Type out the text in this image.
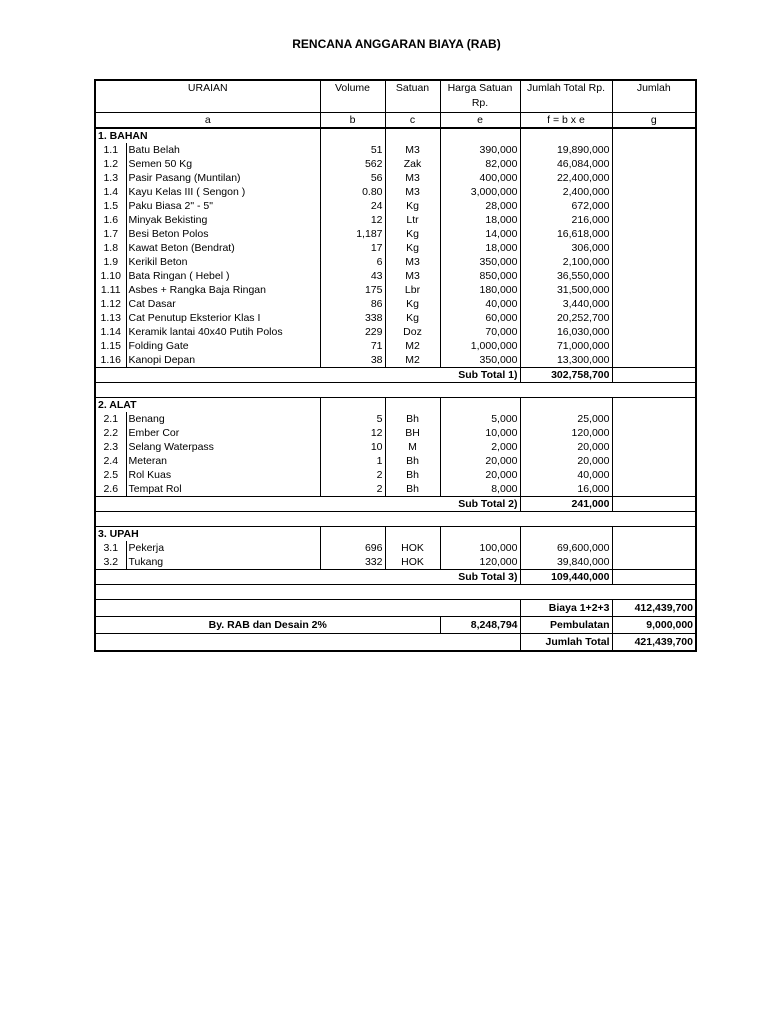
RENCANA ANGGARAN BIAYA (RAB)
URAIAN		Volume	Satuan	Harga Satuan Rp.	Jumlah Total Rp.	Jumlah
a		b	c	e	f = b x e	g
1. BAHAN						
1.1	Batu Belah	51	M3	390,000	19,890,000	
1.2	Semen 50 Kg	562	Zak	82,000	46,084,000	
1.3	Pasir Pasang (Muntilan)	56	M3	400,000	22,400,000	
1.4	Kayu Kelas III ( Sengon )	0.80	M3	3,000,000	2,400,000	
1.5	Paku Biasa 2" - 5"	24	Kg	28,000	672,000	
1.6	Minyak Bekisting	12	Ltr	18,000	216,000	
1.7	Besi Beton Polos	1,187	Kg	14,000	16,618,000	
1.8	Kawat Beton (Bendrat)	17	Kg	18,000	306,000	
1.9	Kerikil Beton	6	M3	350,000	2,100,000	
1.10	Bata Ringan ( Hebel )	43	M3	850,000	36,550,000	
1.11	Asbes + Rangka Baja Ringan	175	Lbr	180,000	31,500,000	
1.12	Cat Dasar	86	Kg	40,000	3,440,000	
1.13	Cat Penutup Eksterior Klas I	338	Kg	60,000	20,252,700	
1.14	Keramik lantai 40x40 Putih Polos	229	Doz	70,000	16,030,000	
1.15	Folding Gate	71	M2	1,000,000	71,000,000	
1.16	Kanopi Depan	38	M2	350,000	13,300,000	
Sub Total 1)					302,758,700	

2. ALAT						
2.1	Benang	5	Bh	5,000	25,000	
2.2	Ember Cor	12	BH	10,000	120,000	
2.3	Selang Waterpass	10	M	2,000	20,000	
2.4	Meteran	1	Bh	20,000	20,000	
2.5	Rol Kuas	2	Bh	20,000	40,000	
2.6	Tempat Rol	2	Bh	8,000	16,000	
Sub Total 2)					241,000	

3. UPAH						
3.1	Pekerja	696	HOK	100,000	69,600,000	
3.2	Tukang	332	HOK	120,000	39,840,000	
Sub Total 3)					109,440,000	

					Biaya 1+2+3	412,439,700
By. RAB dan Desain 2%				8,248,794	Pembulatan	9,000,000
					Jumlah Total	421,439,700
